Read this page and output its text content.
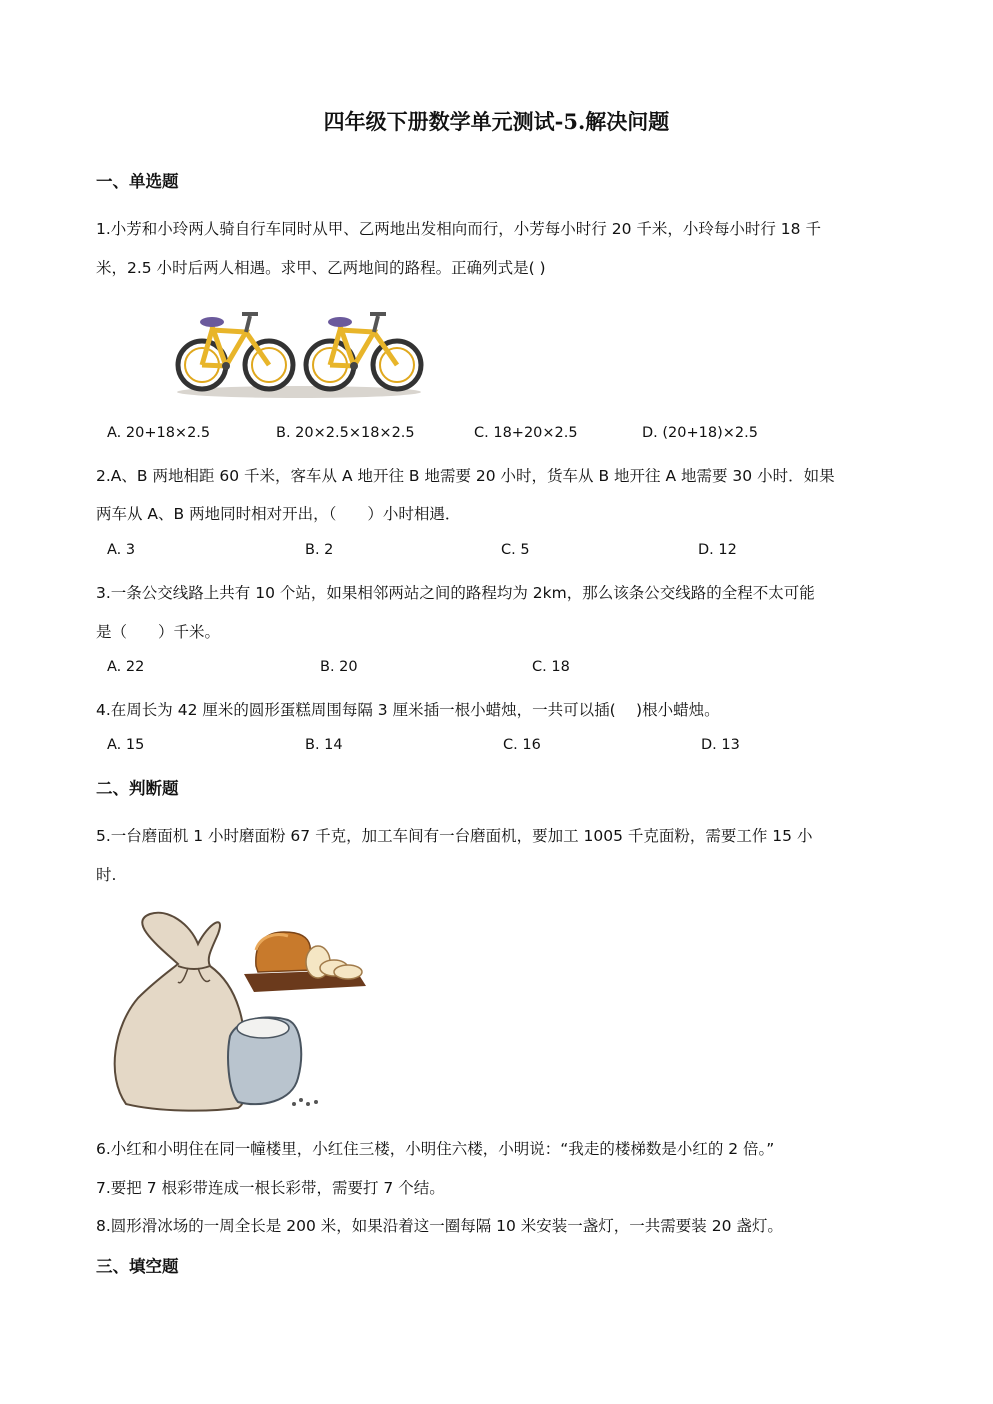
四年级下册数学单元测试-5.解决问题
一、单选题
1.小芳和小玲两人骑自行车同时从甲、乙两地出发相向而行，小芳每小时行 20 千米，小玲每小时行 18 千
米，2.5 小时后两人相遇。求甲、乙两地间的路程。正确列式是( )
A. 20+18×2.5	B. 20×2.5×18×2.5	C. 18+20×2.5	D. (20+18)×2.5
2.A、B 两地相距 60 千米，客车从 A 地开往 B 地需要 20 小时，货车从 B 地开往 A 地需要 30 小时．如果
两车从 A、B 两地同时相对开出，（　　）小时相遇．
A. 3	B. 2	C. 5	D. 12
3.一条公交线路上共有 10 个站，如果相邻两站之间的路程均为 2km，那么该条公交线路的全程不太可能
是（　　）千米。
A. 22	B. 20	C. 18
4.在周长为 42 厘米的圆形蛋糕周围每隔 3 厘米插一根小蜡烛，一共可以插(　 )根小蜡烛。
A. 15	B. 14	C. 16	D. 13
二、判断题
5.一台磨面机 1 小时磨面粉 67 千克，加工车间有一台磨面机，要加工 1005 千克面粉，需要工作 15 小
时.
6.小红和小明住在同一幢楼里，小红住三楼，小明住六楼，小明说：“我走的楼梯数是小红的 2 倍。”
7.要把 7 根彩带连成一根长彩带，需要打 7 个结。
8.圆形滑冰场的一周全长是 200 米，如果沿着这一圈每隔 10 米安装一盏灯，一共需要装 20 盏灯。
三、填空题
